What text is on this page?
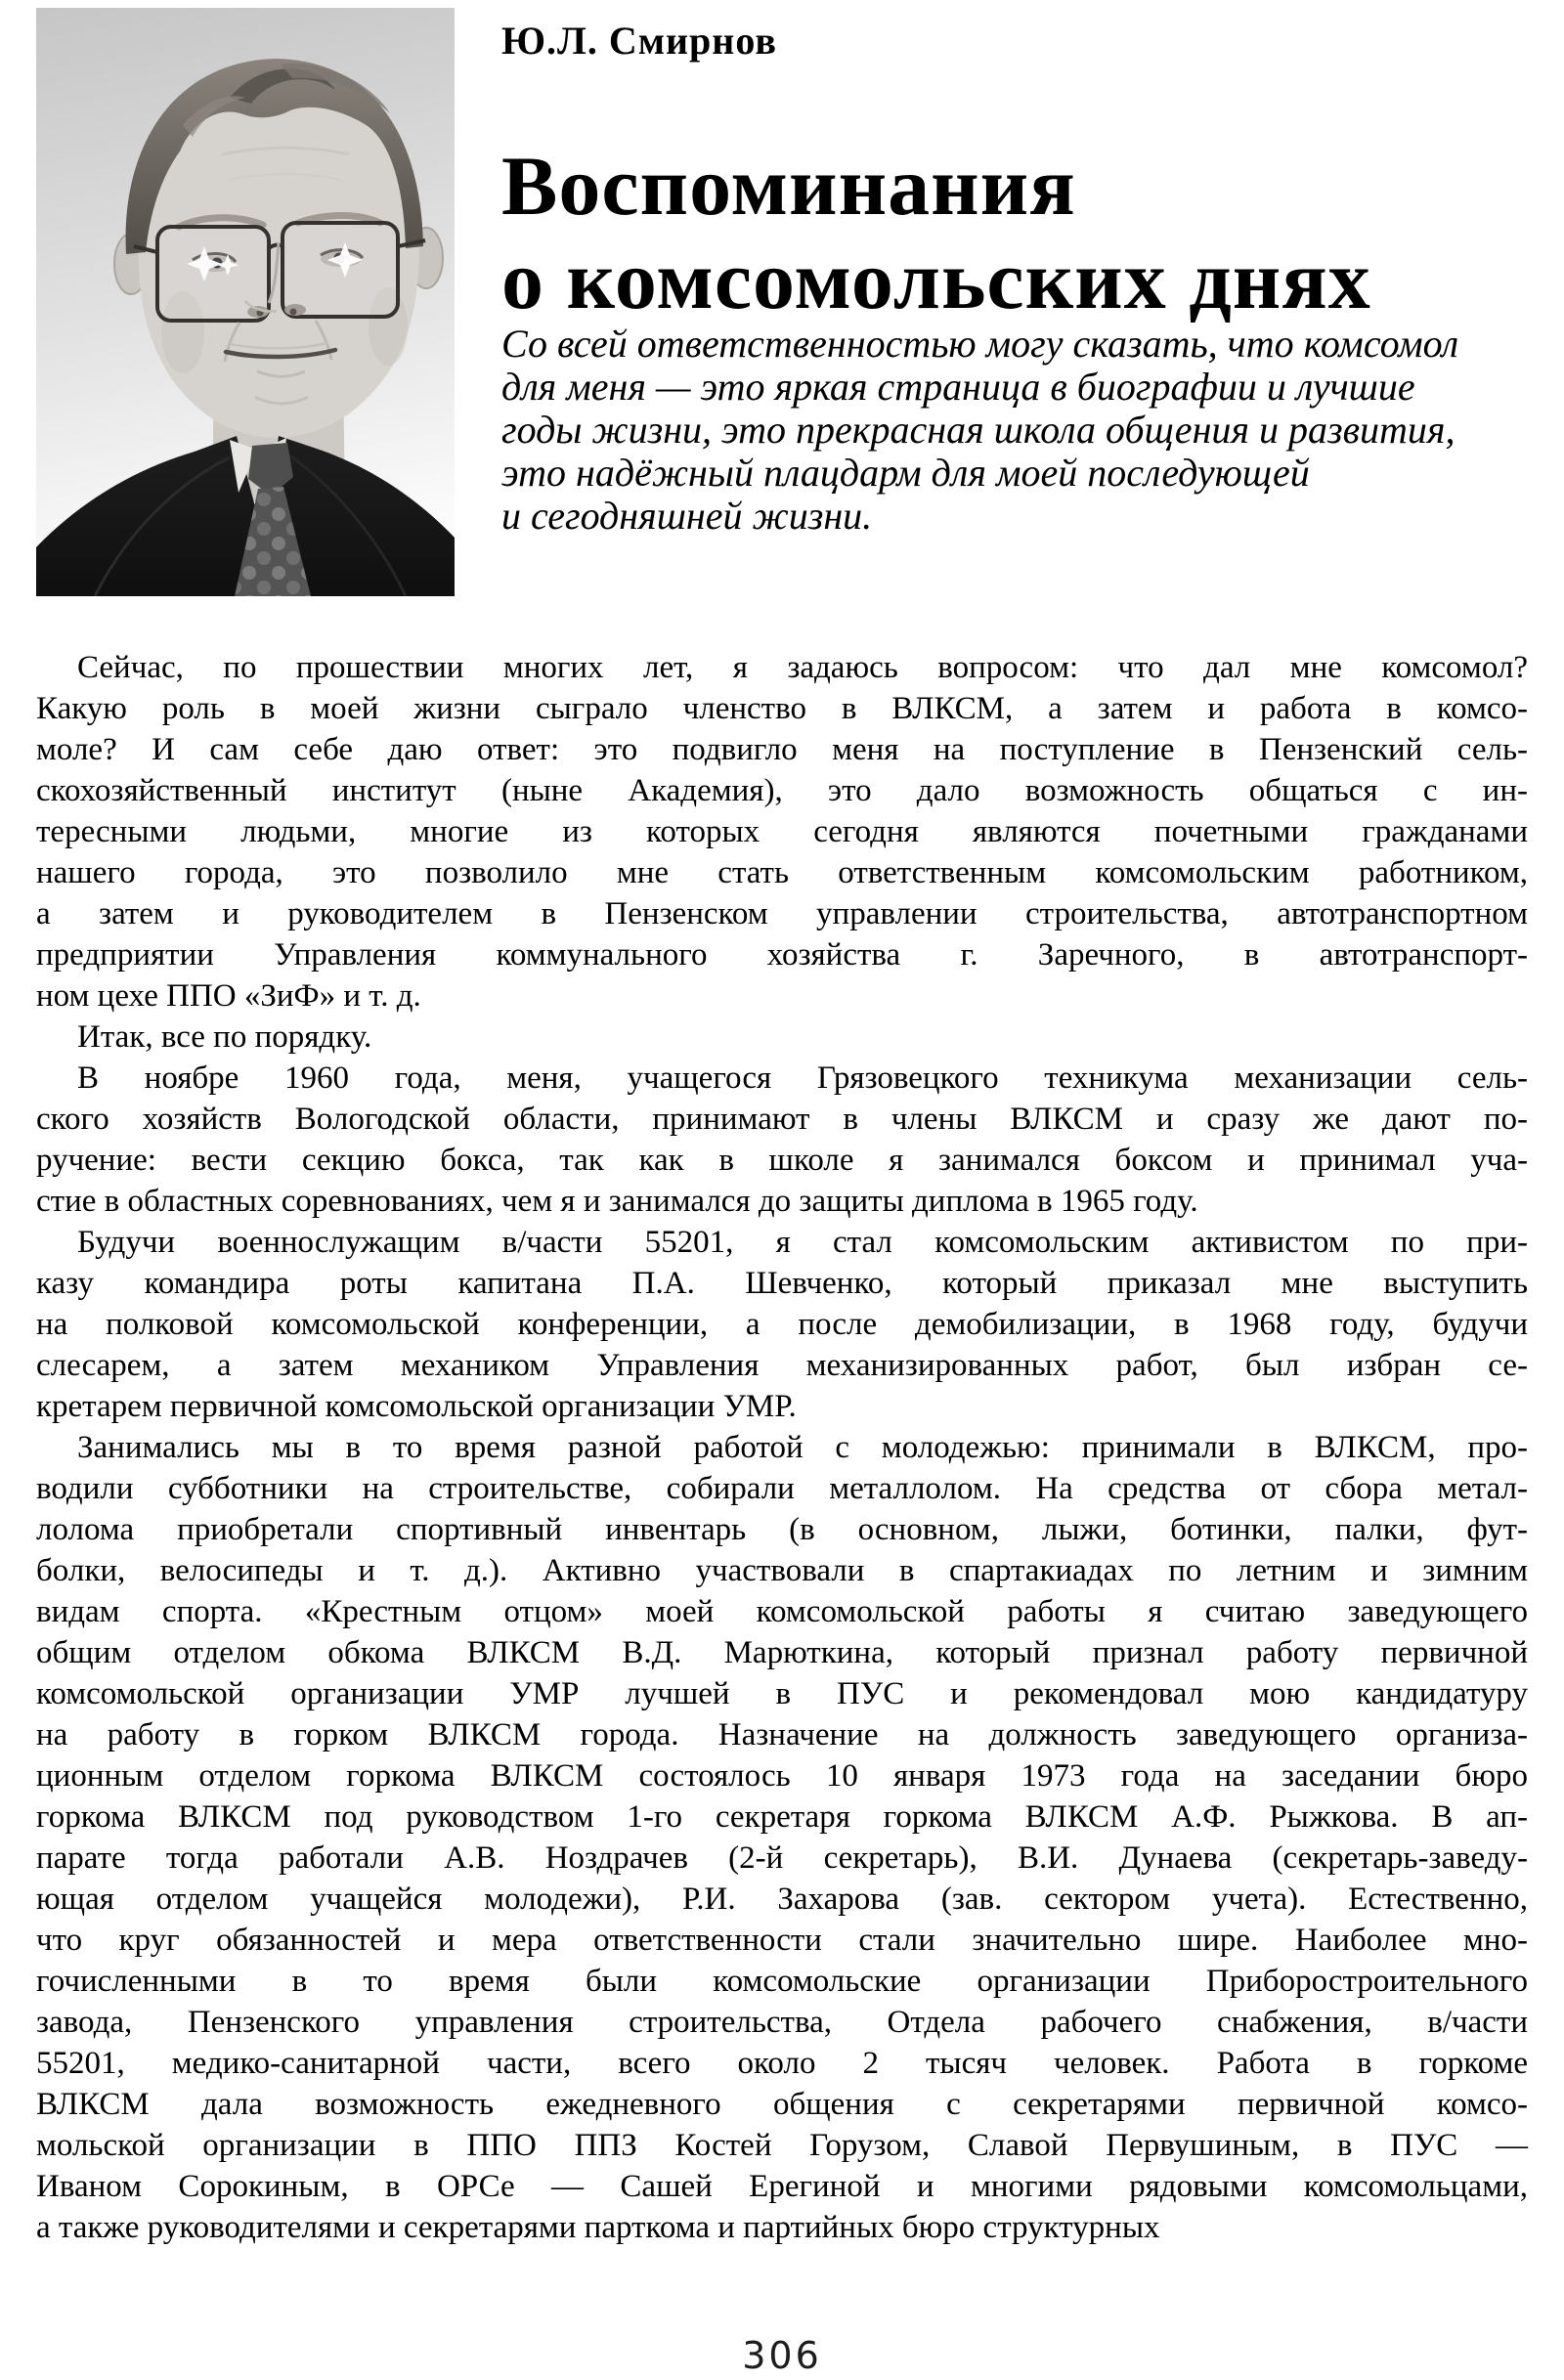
Ю.Л. Смирнов
Воспоминания
о комсомольских днях
Со всей ответственностью могу сказать, что комсомол
для меня — это яркая страница в биографии и лучшие
годы жизни, это прекрасная школа общения и развития,
это надёжный плацдарм для моей последующей
и сегодняшней жизни.
Сейчас, по прошествии многих лет, я задаюсь вопросом: что дал мне комсомол?
Какую роль в моей жизни сыграло членство в ВЛКСМ, а затем и работа в комсо-
моле? И сам себе даю ответ: это подвигло меня на поступление в Пензенский сель-
скохозяйственный институт (ныне Академия), это дало возможность общаться с ин-
тересными людьми, многие из которых сегодня являются почетными гражданами
нашего города, это позволило мне стать ответственным комсомольским работником,
а затем и руководителем в Пензенском управлении строительства, автотранспортном
предприятии Управления коммунального хозяйства г. Заречного, в автотранспорт-
ном цехе ППО «ЗиФ» и т. д.
Итак, все по порядку.
В ноябре 1960 года, меня, учащегося Грязовецкого техникума механизации сель-
ского хозяйств Вологодской области, принимают в члены ВЛКСМ и сразу же дают по-
ручение: вести секцию бокса, так как в школе я занимался боксом и принимал уча-
стие в областных соревнованиях, чем я и занимался до защиты диплома в 1965 году.
Будучи военнослужащим в/части 55201, я стал комсомольским активистом по при-
казу командира роты капитана П.А. Шевченко, который приказал мне выступить
на полковой комсомольской конференции, а после демобилизации, в 1968 году, будучи
слесарем, а затем механиком Управления механизированных работ, был избран се-
кретарем первичной комсомольской организации УМР.
Занимались мы в то время разной работой с молодежью: принимали в ВЛКСМ, про-
водили субботники на строительстве, собирали металлолом. На средства от сбора метал-
лолома приобретали спортивный инвентарь (в основном, лыжи, ботинки, палки, фут-
болки, велосипеды и т. д.). Активно участвовали в спартакиадах по летним и зимним
видам спорта. «Крестным отцом» моей комсомольской работы я считаю заведующего
общим отделом обкома ВЛКСМ В.Д. Марюткина, который признал работу первичной
комсомольской организации УМР лучшей в ПУС и рекомендовал мою кандидатуру
на работу в горком ВЛКСМ города. Назначение на должность заведующего организа-
ционным отделом горкома ВЛКСМ состоялось 10 января 1973 года на заседании бюро
горкома ВЛКСМ под руководством 1-го секретаря горкома ВЛКСМ А.Ф. Рыжкова. В ап-
парате тогда работали А.В. Ноздрачев (2-й секретарь), В.И. Дунаева (секретарь-заведу-
ющая отделом учащейся молодежи), Р.И. Захарова (зав. сектором учета). Естественно,
что круг обязанностей и мера ответственности стали значительно шире. Наиболее мно-
гочисленными в то время были комсомольские организации Приборостроительного
завода, Пензенского управления строительства, Отдела рабочего снабжения, в/части
55201, медико-санитарной части, всего около 2 тысяч человек. Работа в горкоме
ВЛКСМ дала возможность ежедневного общения с секретарями первичной комсо-
мольской организации в ППО ППЗ Костей Горузом, Славой Первушиным, в ПУС —
Иваном Сорокиным, в ОРСе — Сашей Ерегиной и многими рядовыми комсомольцами,
а также руководителями и секретарями парткома и партийных бюро структурных
306
